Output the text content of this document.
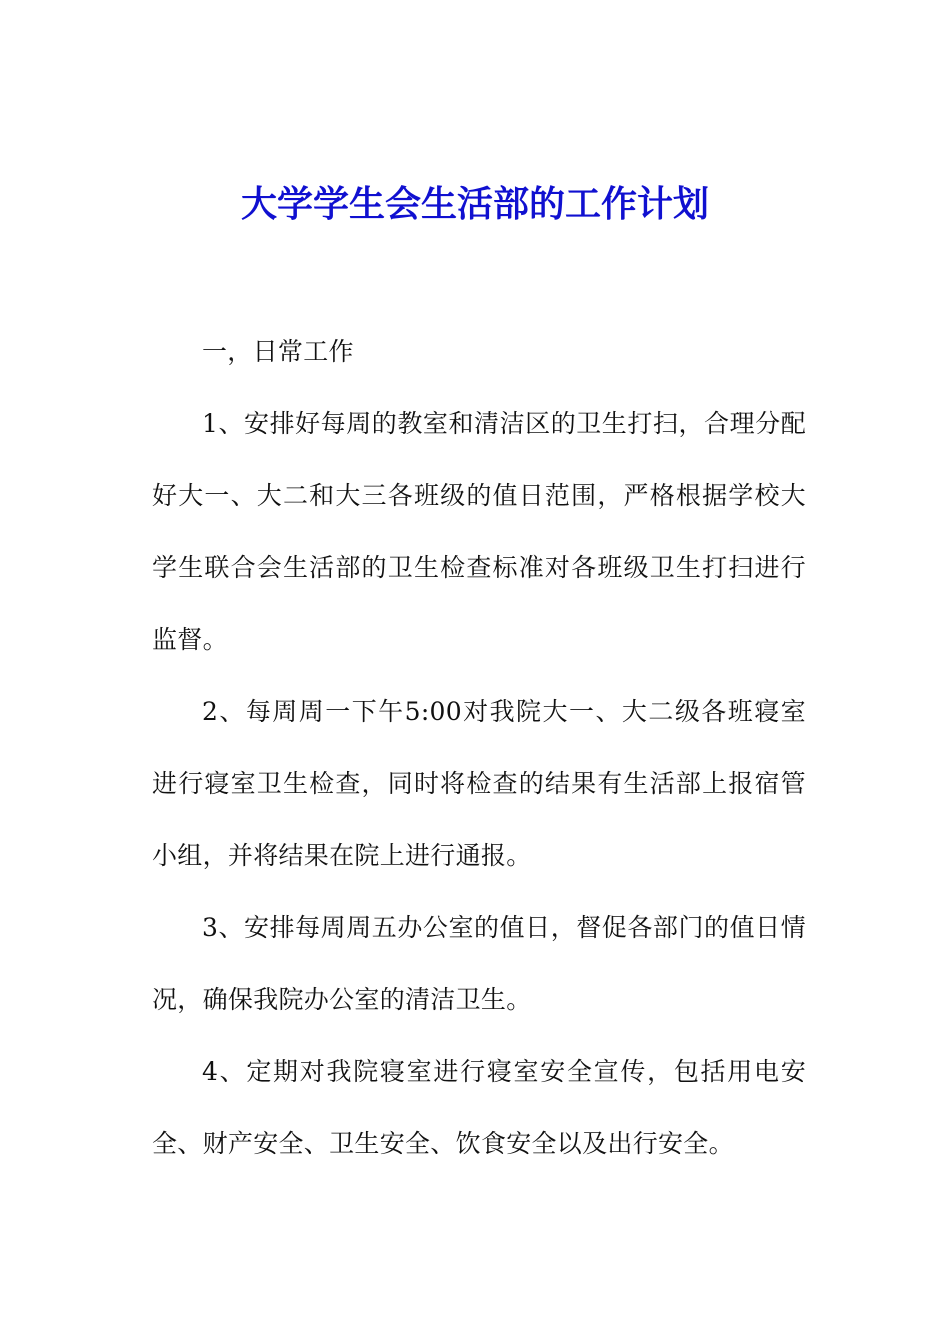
大学学生会生活部的工作计划

一，日常工作

1、安排好每周的教室和清洁区的卫生打扫，合理分配好大一、大二和大三各班级的值日范围，严格根据学校大学生联合会生活部的卫生检查标准对各班级卫生打扫进行监督。

2、每周周一下午5:00对我院大一、大二级各班寝室进行寝室卫生检查，同时将检查的结果有生活部上报宿管小组，并将结果在院上进行通报。

3、安排每周周五办公室的值日，督促各部门的值日情况，确保我院办公室的清洁卫生。

4、定期对我院寝室进行寝室安全宣传，包括用电安全、财产安全、卫生安全、饮食安全以及出行安全。
